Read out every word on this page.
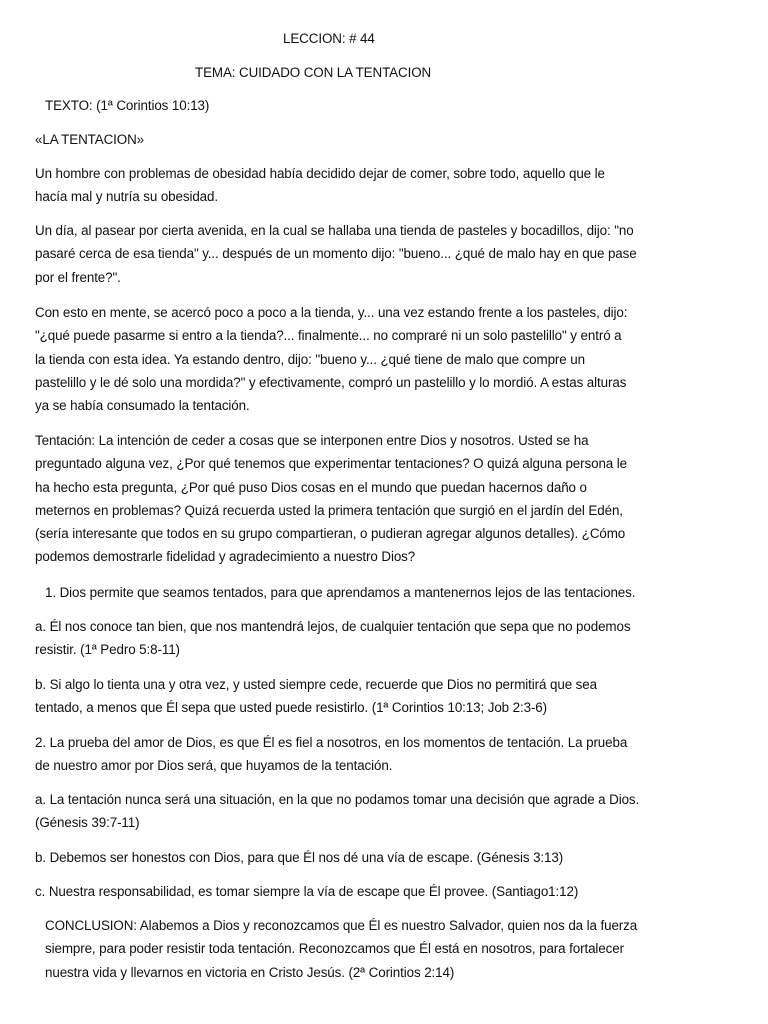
LECCION: # 44
TEMA: CUIDADO CON LA TENTACION
TEXTO: (1ª Corintios 10:13)
«LA TENTACION»
Un hombre con problemas de obesidad había decidido dejar de comer, sobre todo, aquello que le
hacía mal y nutría su obesidad.
Un día, al pasear por cierta avenida, en la cual se hallaba una tienda de pasteles y bocadillos, dijo: "no
pasaré cerca de esa tienda" y... después de un momento dijo: "bueno... ¿qué de malo hay en que pase
por el frente?".
Con esto en mente, se acercó poco a poco a la tienda, y... una vez estando frente a los pasteles, dijo:
"¿qué puede pasarme si entro a la tienda?... finalmente... no compraré ni un solo pastelillo" y entró a
la tienda con esta idea. Ya estando dentro, dijo: "bueno y... ¿qué tiene de malo que compre un
pastelillo y le dé solo una mordida?" y efectivamente, compró un pastelillo y lo mordió. A estas alturas
ya se había consumado la tentación.
Tentación: La intención de ceder a cosas que se interponen entre Dios y nosotros. Usted se ha
preguntado alguna vez, ¿Por qué tenemos que experimentar tentaciones? O quizá alguna persona le
ha hecho esta pregunta, ¿Por qué puso Dios cosas en el mundo que puedan hacernos daño o
meternos en problemas? Quizá recuerda usted la primera tentación que surgió en el jardín del Edén,
(sería interesante que todos en su grupo compartieran, o pudieran agregar algunos detalles). ¿Cómo
podemos demostrarle fidelidad y agradecimiento a nuestro Dios?
1. Dios permite que seamos tentados, para que aprendamos a mantenernos lejos de las tentaciones.
a. Él nos conoce tan bien, que nos mantendrá lejos, de cualquier tentación que sepa que no podemos
resistir. (1ª Pedro 5:8-11)
b. Si algo lo tienta una y otra vez, y usted siempre cede, recuerde que Dios no permitirá que sea
tentado, a menos que Él sepa que usted puede resistirlo. (1ª Corintios 10:13; Job 2:3-6)
2. La prueba del amor de Dios, es que Él es fiel a nosotros, en los momentos de tentación. La prueba
de nuestro amor por Dios será, que huyamos de la tentación.
a. La tentación nunca será una situación, en la que no podamos tomar una decisión que agrade a Dios.
(Génesis 39:7-11)
b. Debemos ser honestos con Dios, para que Él nos dé una vía de escape. (Génesis 3:13)
c. Nuestra responsabilidad, es tomar siempre la vía de escape que Él provee. (Santiago1:12)
CONCLUSION: Alabemos a Dios y reconozcamos que Él es nuestro Salvador, quien nos da la fuerza
siempre, para poder resistir toda tentación. Reconozcamos que Él está en nosotros, para fortalecer
nuestra vida y llevarnos en victoria en Cristo Jesús. (2ª Corintios 2:14)
